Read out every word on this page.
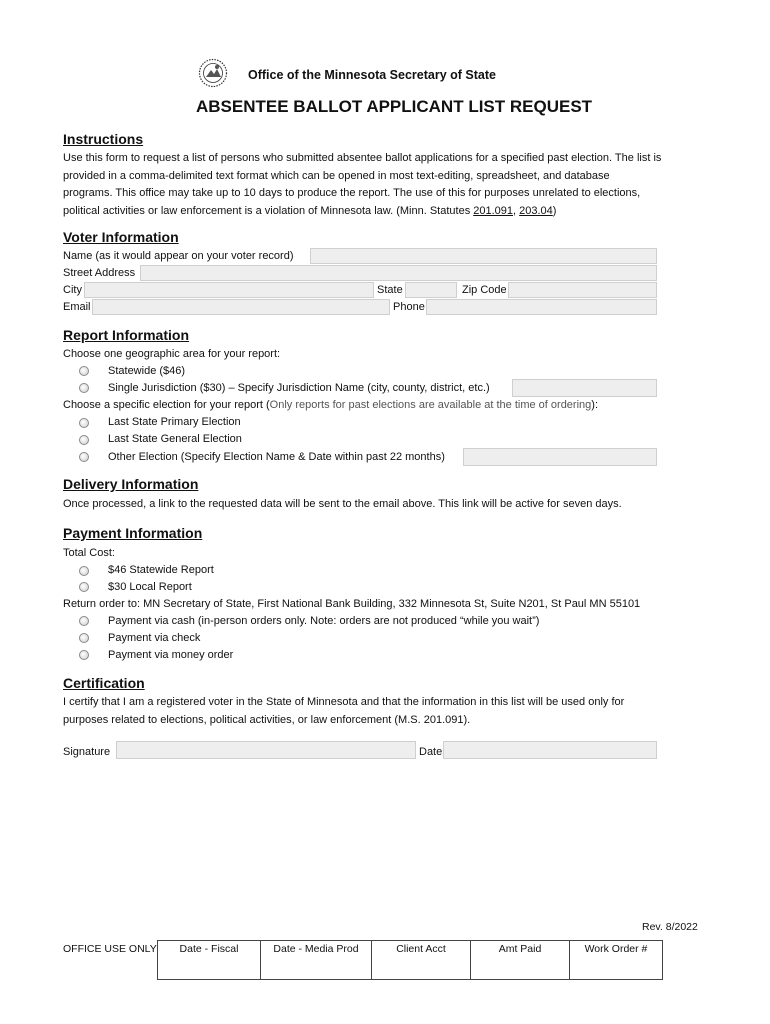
Office of the Minnesota Secretary of State
ABSENTEE BALLOT APPLICANT LIST REQUEST
Instructions
Use this form to request a list of persons who submitted absentee ballot applications for a specified past election. The list is
provided in a comma-delimited text format which can be opened in most text-editing, spreadsheet, and database
programs. This office may take up to 10 days to produce the report. The use of this for purposes unrelated to elections,
political activities or law enforcement is a violation of Minnesota law. (Minn. Statutes 201.091, 203.04)
Voter Information
Name (as it would appear on your voter record)
Street Address
City	State	Zip Code
Email	Phone
Report Information
Choose one geographic area for your report:
Statewide ($46)
Single Jurisdiction ($30) – Specify Jurisdiction Name (city, county, district, etc.)
Choose a specific election for your report (Only reports for past elections are available at the time of ordering):
Last State Primary Election
Last State General Election
Other Election (Specify Election Name & Date within past 22 months)
Delivery Information
Once processed, a link to the requested data will be sent to the email above. This link will be active for seven days.
Payment Information
Total Cost:
$46 Statewide Report
$30 Local Report
Return order to: MN Secretary of State, First National Bank Building, 332 Minnesota St, Suite N201, St Paul MN 55101
Payment via cash (in-person orders only. Note: orders are not produced “while you wait”)
Payment via check
Payment via money order
Certification
I certify that I am a registered voter in the State of Minnesota and that the information in this list will be used only for
purposes related to elections, political activities, or law enforcement (M.S. 201.091).
Signature	Date
Rev. 8/2022
OFFICE USE ONLY Date - Fiscal	Date - Media Prod	Client Acct	Amt Paid	Work Order #
